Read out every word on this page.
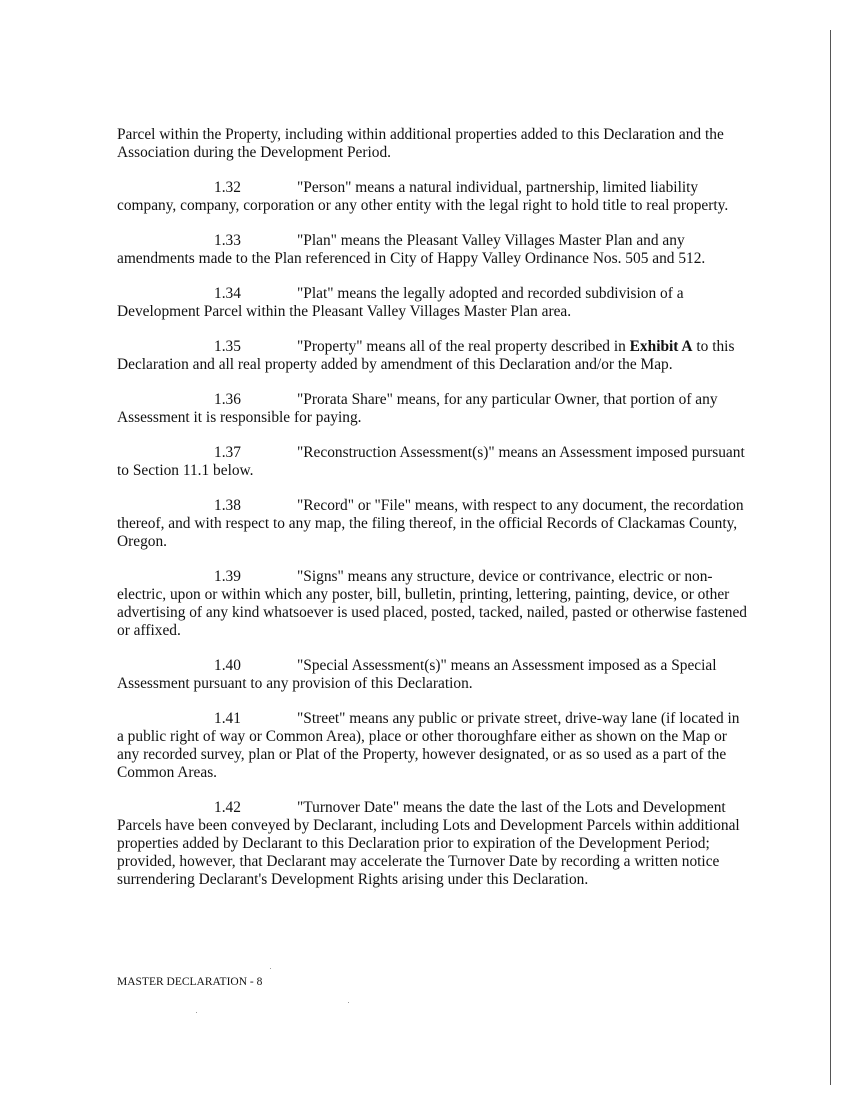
Parcel within the Property, including within additional properties added to this Declaration and the Association during the Development Period.

1.32	"Person" means a natural individual, partnership, limited liability company, company, corporation or any other entity with the legal right to hold title to real property.

1.33	"Plan" means the Pleasant Valley Villages Master Plan and any amendments made to the Plan referenced in City of Happy Valley Ordinance Nos. 505 and 512.

1.34	"Plat" means the legally adopted and recorded subdivision of a Development Parcel within the Pleasant Valley Villages Master Plan area.

1.35	"Property" means all of the real property described in Exhibit A to this Declaration and all real property added by amendment of this Declaration and/or the Map.

1.36	"Prorata Share" means, for any particular Owner, that portion of any Assessment it is responsible for paying.

1.37	"Reconstruction Assessment(s)" means an Assessment imposed pursuant to Section 11.1 below.

1.38	"Record" or "File" means, with respect to any document, the recordation thereof, and with respect to any map, the filing thereof, in the official Records of Clackamas County, Oregon.

1.39	"Signs" means any structure, device or contrivance, electric or non-electric, upon or within which any poster, bill, bulletin, printing, lettering, painting, device, or other advertising of any kind whatsoever is used placed, posted, tacked, nailed, pasted or otherwise fastened or affixed.

1.40	"Special Assessment(s)" means an Assessment imposed as a Special Assessment pursuant to any provision of this Declaration.

1.41	"Street" means any public or private street, drive-way lane (if located in a public right of way or Common Area), place or other thoroughfare either as shown on the Map or any recorded survey, plan or Plat of the Property, however designated, or as so used as a part of the Common Areas.

1.42	"Turnover Date" means the date the last of the Lots and Development Parcels have been conveyed by Declarant, including Lots and Development Parcels within additional properties added by Declarant to this Declaration prior to expiration of the Development Period; provided, however, that Declarant may accelerate the Turnover Date by recording a written notice surrendering Declarant's Development Rights arising under this Declaration.

MASTER DECLARATION - 8
